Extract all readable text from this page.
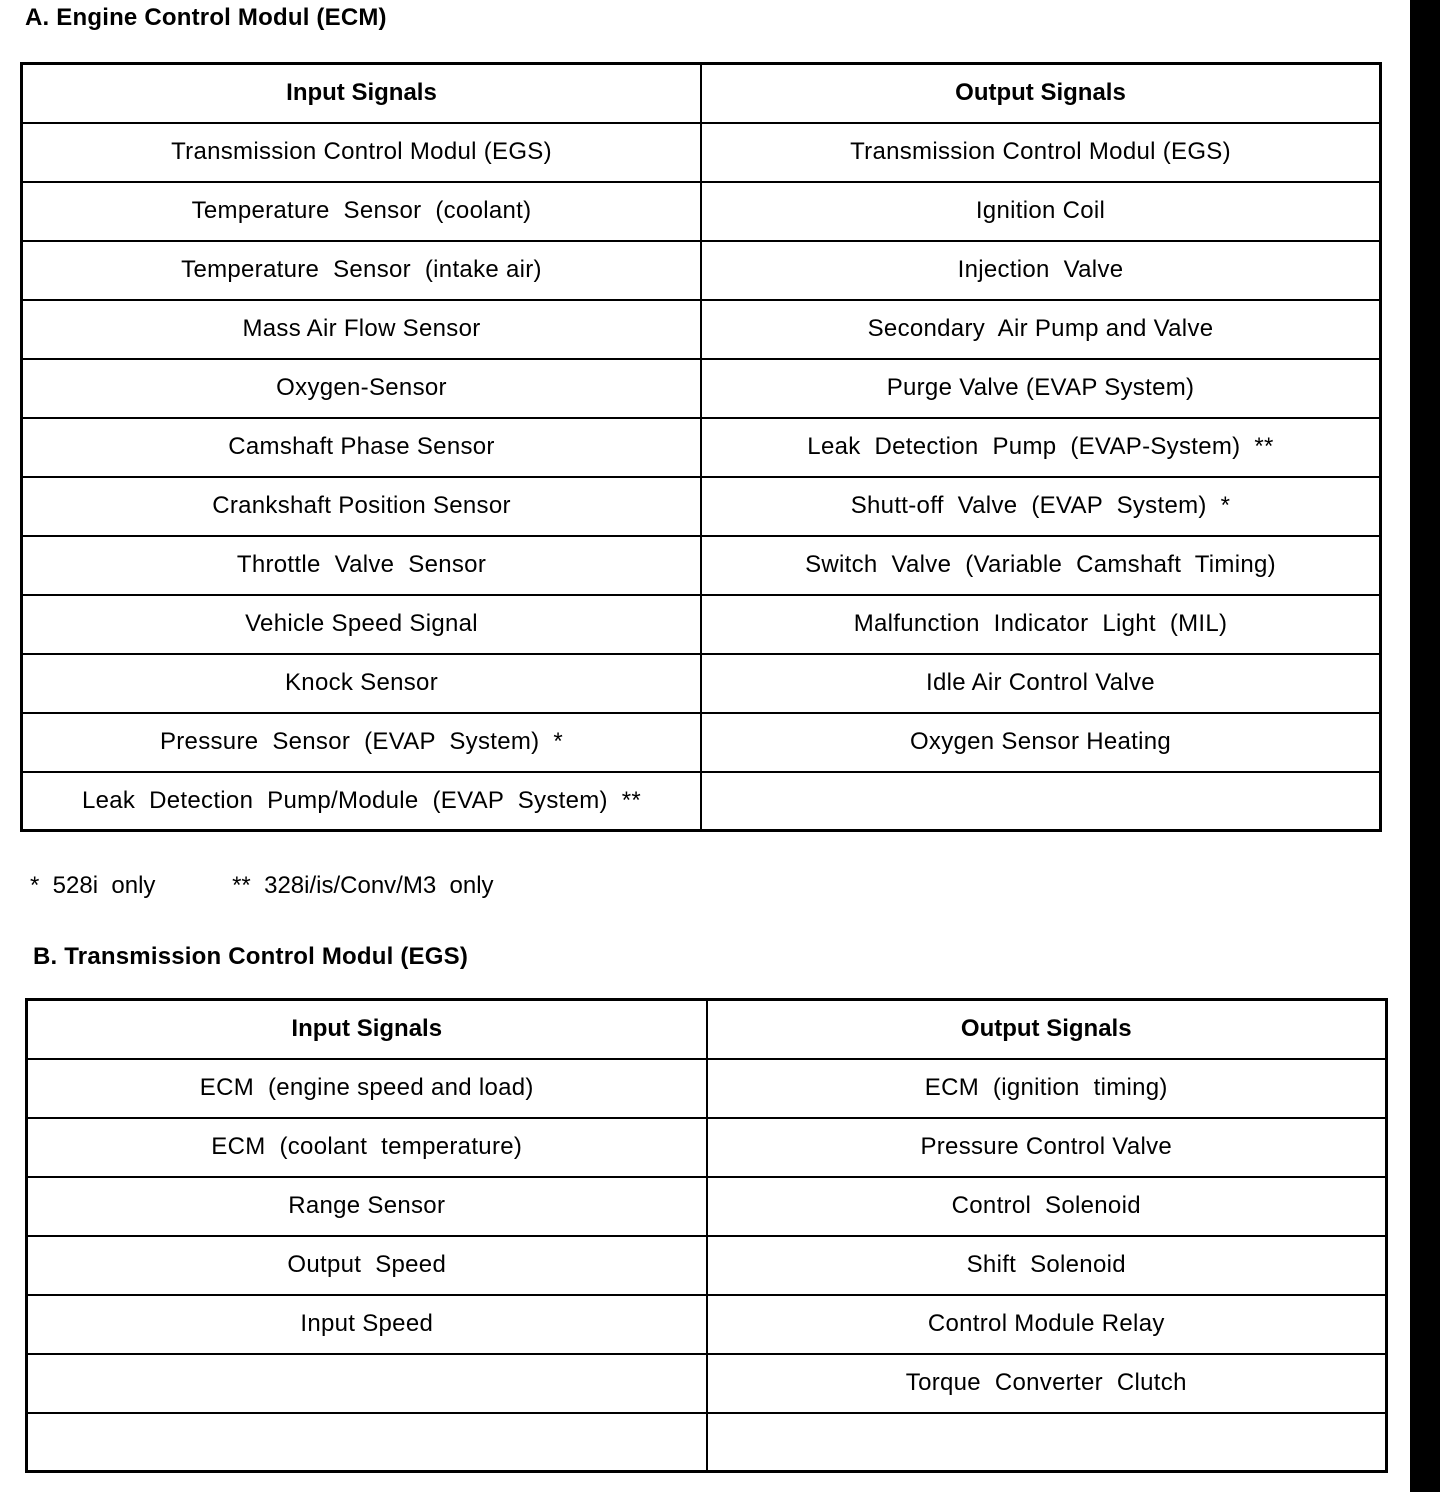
A. Engine Control Modul (ECM)
Input Signals	Output Signals
Transmission Control Modul (EGS)	Transmission Control Modul (EGS)
Temperature  Sensor  (coolant)	Ignition Coil
Temperature  Sensor  (intake air)	Injection  Valve
Mass Air Flow Sensor	Secondary  Air Pump and Valve
Oxygen-Sensor	Purge Valve (EVAP System)
Camshaft Phase Sensor	Leak  Detection  Pump  (EVAP-System)  **
Crankshaft Position Sensor	Shutt-off  Valve  (EVAP  System)  *
Throttle  Valve  Sensor	Switch  Valve  (Variable  Camshaft  Timing)
Vehicle Speed Signal	Malfunction  Indicator  Light  (MIL)
Knock Sensor	Idle Air Control Valve
Pressure  Sensor  (EVAP  System)  *	Oxygen Sensor Heating
Leak  Detection  Pump/Module  (EVAP  System)  **	
*  528i  only	**  328i/is/Conv/M3  only
B. Transmission Control Modul (EGS)
Input Signals	Output Signals
ECM  (engine speed and load)	ECM  (ignition  timing)
ECM  (coolant  temperature)	Pressure Control Valve
Range Sensor	Control  Solenoid
Output  Speed	Shift  Solenoid
Input Speed	Control Module Relay
	Torque  Converter  Clutch
